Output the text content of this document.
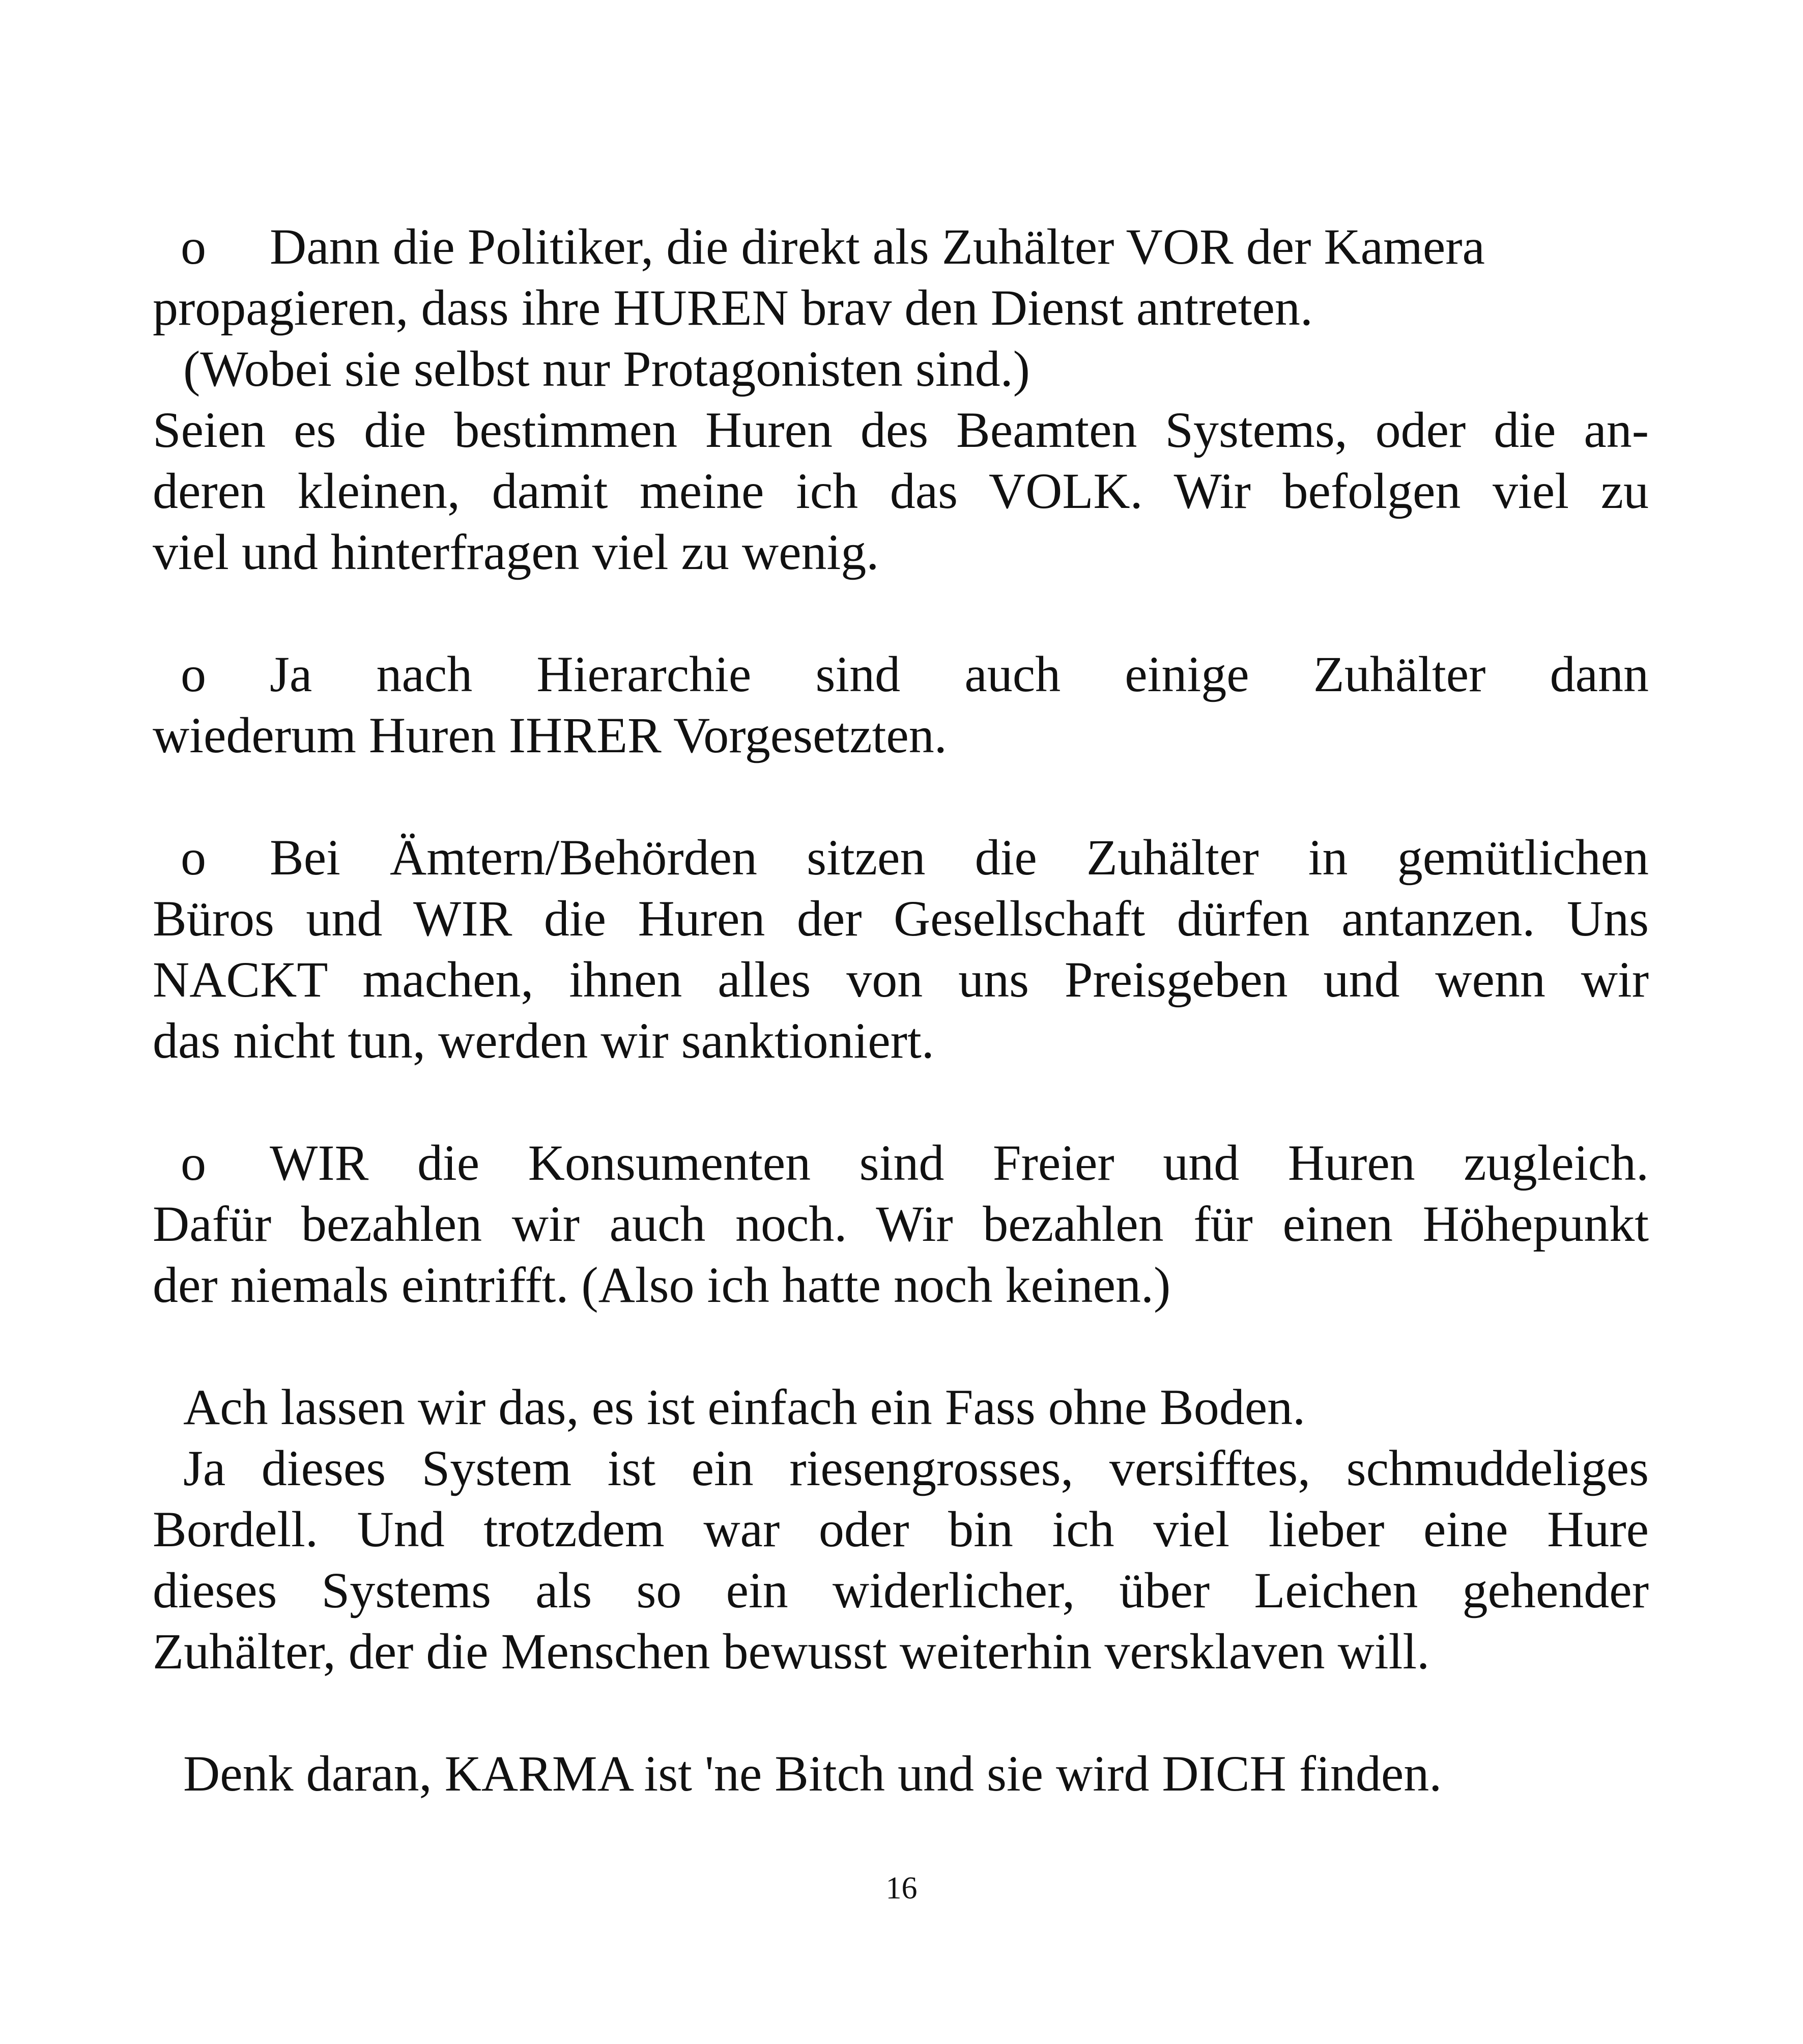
o Dann die Politiker, die direkt als Zuhälter VOR der Kamera
propagieren, dass ihre HUREN brav den Dienst antreten.
(Wobei sie selbst nur Protagonisten sind.)
Seien es die bestimmen Huren des Beamten Systems, oder die an-
deren kleinen, damit meine ich das VOLK. Wir befolgen viel zu
viel und hinterfragen viel zu wenig.
o Ja nach Hierarchie sind auch einige Zuhälter dann
wiederum Huren IHRER Vorgesetzten.
o Bei Ämtern/Behörden sitzen die Zuhälter in gemütlichen
Büros und WIR die Huren der Gesellschaft dürfen antanzen. Uns
NACKT machen, ihnen alles von uns Preisgeben und wenn wir
das nicht tun, werden wir sanktioniert.
o WIR die Konsumenten sind Freier und Huren zugleich.
Dafür bezahlen wir auch noch. Wir bezahlen für einen Höhepunkt
der niemals eintrifft. (Also ich hatte noch keinen.)
Ach lassen wir das, es ist einfach ein Fass ohne Boden.
Ja dieses System ist ein riesengrosses, versifftes, schmuddeliges
Bordell. Und trotzdem war oder bin ich viel lieber eine Hure
dieses Systems als so ein widerlicher, über Leichen gehender
Zuhälter, der die Menschen bewusst weiterhin versklaven will.
Denk daran, KARMA ist 'ne Bitch und sie wird DICH finden.
16
